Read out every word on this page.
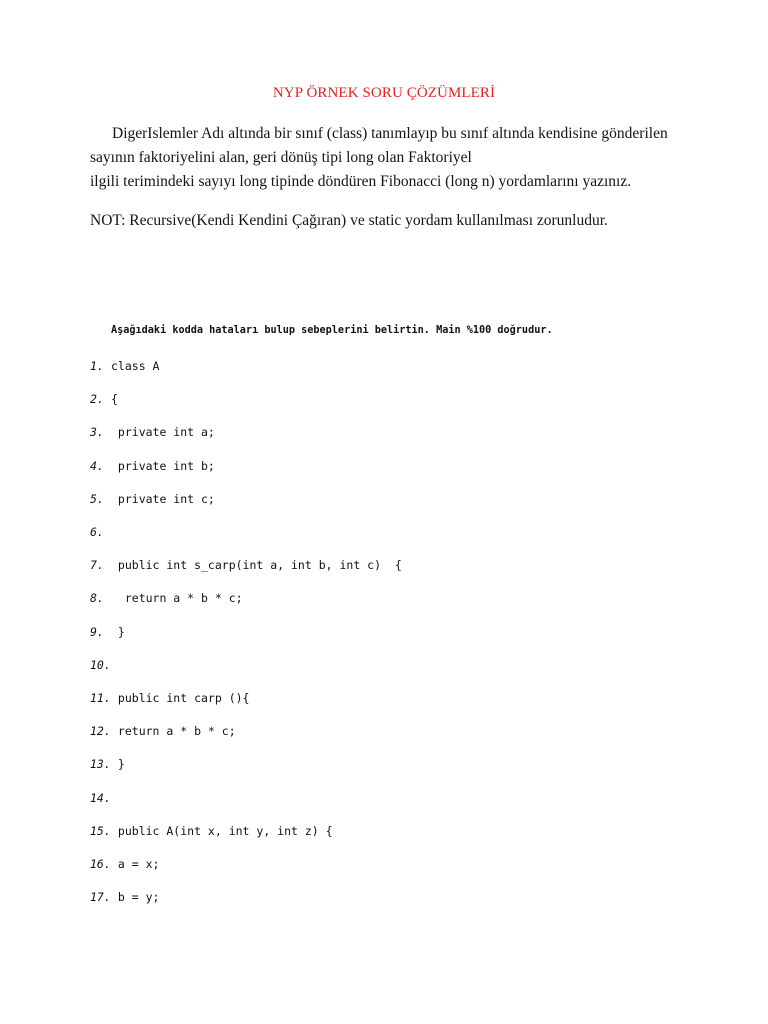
NYP ÖRNEK SORU ÇÖZÜMLERİ
DigerIslemler Adı altında bir sınıf (class) tanımlayıp bu sınıf altında kendisine gönderilen
sayının faktoriyelini alan, geri dönüş tipi long olan Faktoriyel
ilgili terimindeki sayıyı long tipinde döndüren Fibonacci (long n) yordamlarını yazınız.
NOT: Recursive(Kendi Kendini Çağıran) ve static yordam kullanılması zorunludur.
Aşağıdaki kodda hataları bulup sebeplerini belirtin. Main %100 doğrudur.
1. class A
2. {
3. private int a;
4. private int b;
5. private int c;
6.
7. public int s_carp(int a, int b, int c)  {
8.  return a * b * c;
9. }
10.
11. public int carp (){
12. return a * b * c;
13. }
14.
15. public A(int x, int y, int z) {
16. a = x;
17. b = y;
